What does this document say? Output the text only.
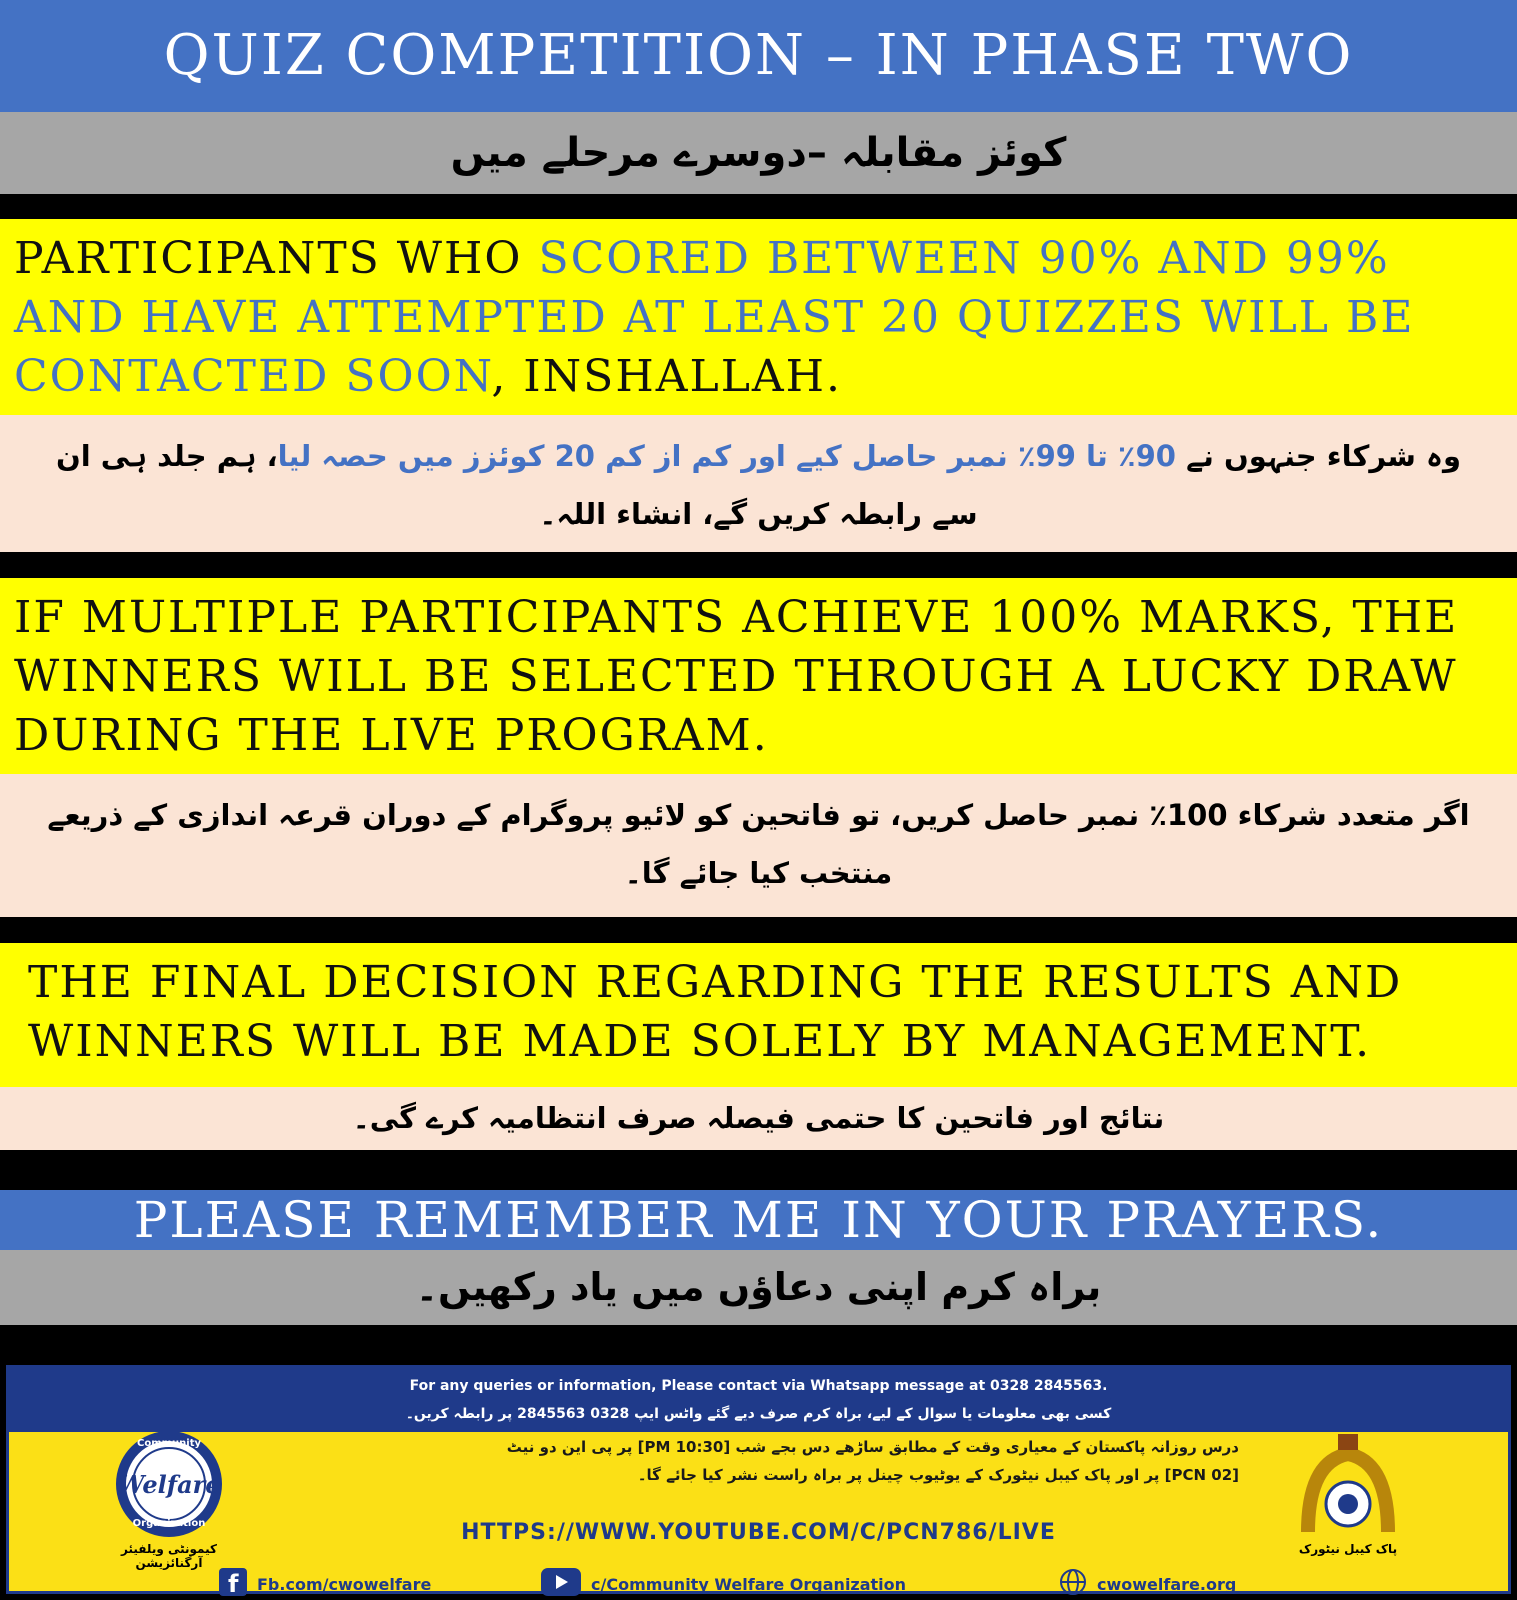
QUIZ COMPETITION – IN PHASE TWO
کوئز مقابلہ –دوسرے مرحلے میں
PARTICIPANTS WHO SCORED BETWEEN 90% AND 99% AND HAVE ATTEMPTED AT LEAST 20 QUIZZES WILL BE CONTACTED SOON, INSHALLAH.
وہ شرکاء جنہوں نے 90٪ تا 99٪ نمبر حاصل کیے اور کم از کم 20 کوئزز میں حصہ لیا، ہم جلد ہی ان سے رابطہ کریں گے، انشاء اللہ۔
IF MULTIPLE PARTICIPANTS ACHIEVE 100% MARKS, THE WINNERS WILL BE SELECTED THROUGH A LUCKY DRAW DURING THE LIVE PROGRAM.
اگر متعدد شرکاء 100٪ نمبر حاصل کریں، تو فاتحین کو لائیو پروگرام کے دوران قرعہ اندازی کے ذریعے منتخب کیا جائے گا۔
THE FINAL DECISION REGARDING THE RESULTS AND WINNERS WILL BE MADE SOLELY BY MANAGEMENT.
نتائج اور فاتحین کا حتمی فیصلہ صرف انتظامیہ کرے گی۔
PLEASE REMEMBER ME IN YOUR PRAYERS.
براہ کرم اپنی دعاؤں میں یاد رکھیں۔
For any queries or information, Please contact via Whatsapp message at 0328 2845563.
کسی بھی معلومات یا سوال کے لیے، براہ کرم صرف دیے گئے واٹس ایپ 0328 2845563 پر رابطہ کریں۔
Community
Welfare
Organization
کیمونٹی ویلفیئر آرگنائزیشن
درس روزانہ پاکستان کے معیاری وقت کے مطابق ساڑھے دس بجے شب [10:30 PM] پر پی این دو نیٹ
[PCN 02] پر اور پاک کیبل نیٹورک کے یوٹیوب چینل پر براہ راست نشر کیا جائے گا۔
HTTPS://WWW.YOUTUBE.COM/C/PCN786/LIVE
پاک کیبل نیٹورک
f Fb.com/cwowelfare	c/Community Welfare Organization	cwowelfare.org
